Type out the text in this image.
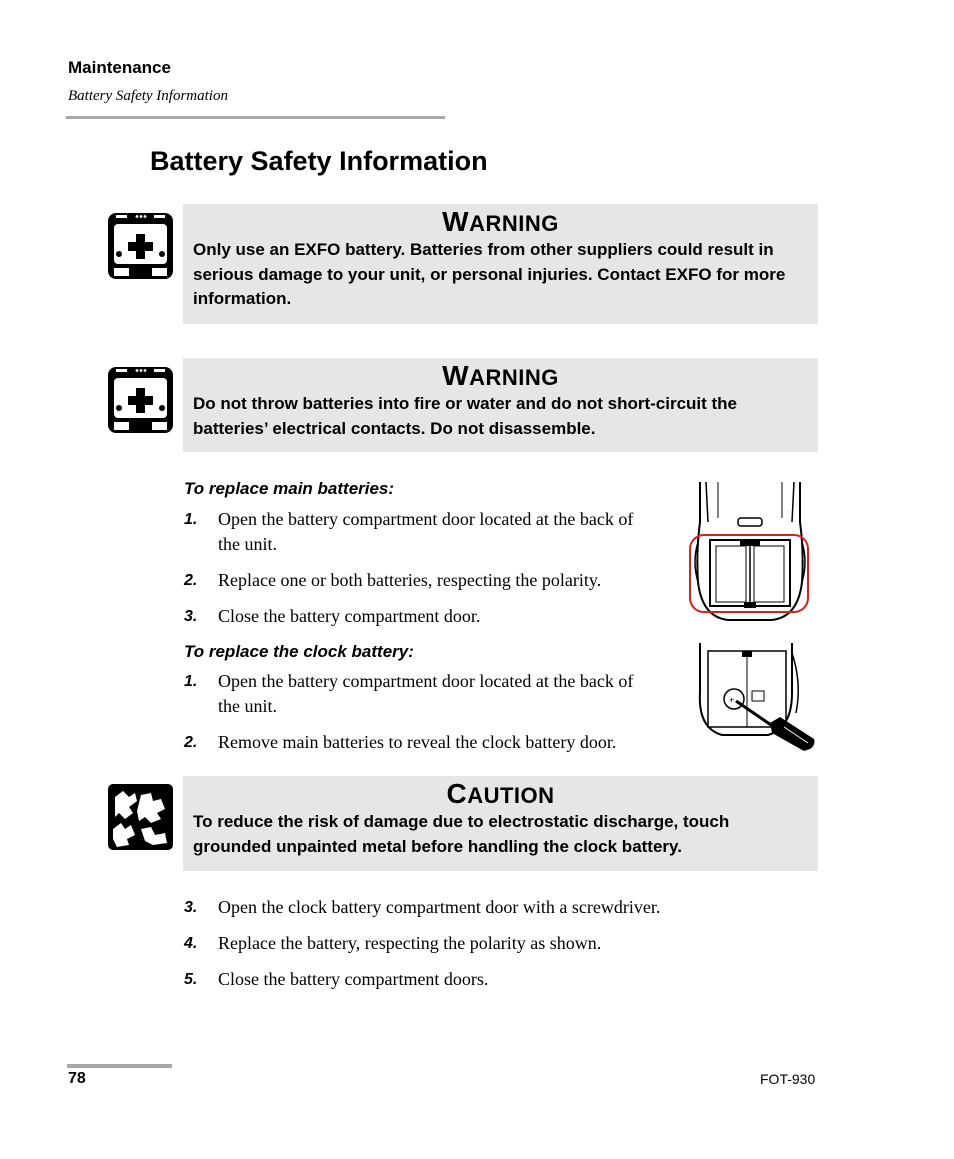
Maintenance
Battery Safety Information
Battery Safety Information
WARNING
Only use an EXFO battery. Batteries from other suppliers could result in serious damage to your unit, or personal injuries. Contact EXFO for more information.
WARNING
Do not throw batteries into fire or water and do not short-circuit the batteries’ electrical contacts. Do not disassemble.
To replace main batteries:
1. Open the battery compartment door located at the back of the unit.
2. Replace one or both batteries, respecting the polarity.
3. Close the battery compartment door.
To replace the clock battery:
1. Open the battery compartment door located at the back of the unit.
2. Remove main batteries to reveal the clock battery door.
+
CAUTION
To reduce the risk of damage due to electrostatic discharge, touch grounded unpainted metal before handling the clock battery.
3. Open the clock battery compartment door with a screwdriver.
4. Replace the battery, respecting the polarity as shown.
5. Close the battery compartment doors.
78	FOT-930
